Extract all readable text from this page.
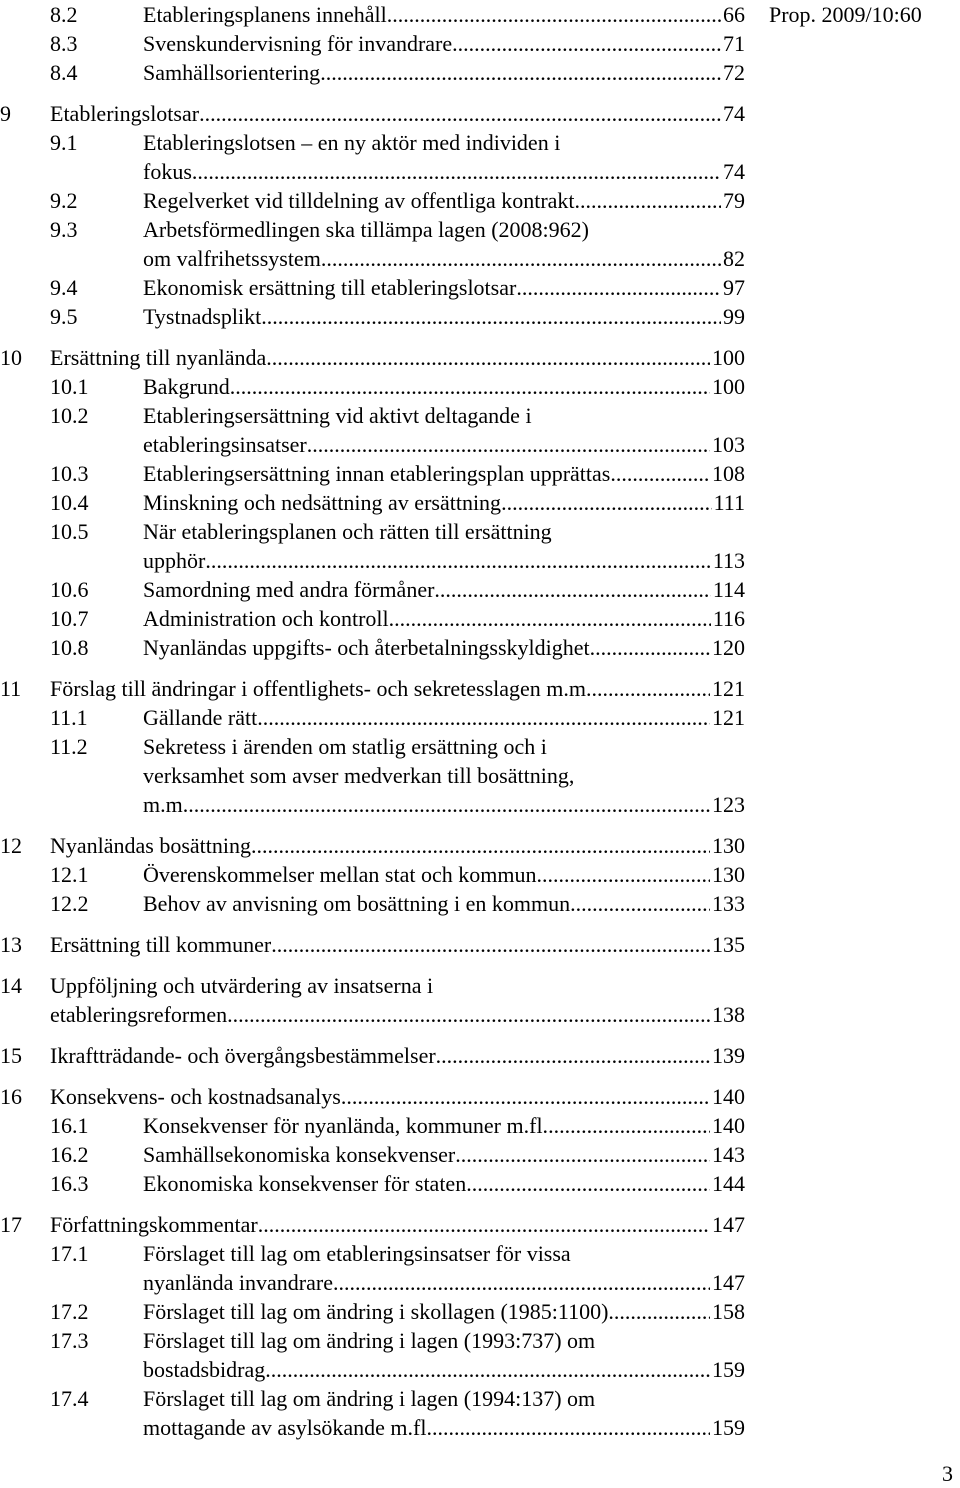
Prop. 2009/10:60
8.2	Etableringsplanens innehåll .....	66
8.3	Svenskundervisning för invandrare .....	71
8.4	Samhällsorientering .....	72
9 Etableringslotsar .....	74
9.1	Etableringslotsen – en ny aktör med individen i
fokus .....	74
9.2	Regelverket vid tilldelning av offentliga kontrakt .....	79
9.3	Arbetsförmedlingen ska tillämpa lagen (2008:962)
om valfrihetssystem .....	82
9.4	Ekonomisk ersättning till etableringslotsar .....	97
9.5	Tystnadsplikt .....	99
10 Ersättning till nyanlända .....	100
10.1 Bakgrund .....	100
10.2 Etableringsersättning vid aktivt deltagande i
etableringsinsatser .....	103
10.3 Etableringsersättning innan etableringsplan upprättas .....	108
10.4 Minskning och nedsättning av ersättning .....	111
10.5 När etableringsplanen och rätten till ersättning
upphör .....	113
10.6 Samordning med andra förmåner .....	114
10.7 Administration och kontroll .....	116
10.8 Nyanländas uppgifts- och återbetalningsskyldighet .....	120
11 Förslag till ändringar i offentlighets- och sekretesslagen m.m. .....	121
11.1	Gällande rätt .....	121
11.2	Sekretess i ärenden om statlig ersättning och i
verksamhet som avser medverkan till bosättning,
m.m. .....	123
12 Nyanländas bosättning .....	130
12.1 Överenskommelser mellan stat och kommun .....	130
12.2 Behov av anvisning om bosättning i en kommun .....	133
13 Ersättning till kommuner .....	135
14 Uppföljning och utvärdering av insatserna i
etableringsreformen .....	138
15 Ikraftträdande- och övergångsbestämmelser .....	139
16 Konsekvens- och kostnadsanalys .....	140
16.1 Konsekvenser för nyanlända, kommuner m.fl. .....	140
16.2 Samhällsekonomiska konsekvenser .....	143
16.3 Ekonomiska konsekvenser för staten .....	144
17 Författningskommentar .....	147
17.1 Förslaget till lag om etableringsinsatser för vissa
nyanlända invandrare .....	147
17.2 Förslaget till lag om ändring i skollagen (1985:1100) .....	158
17.3 Förslaget till lag om ändring i lagen (1993:737) om
bostadsbidrag .....	159
17.4 Förslaget till lag om ändring i lagen (1994:137) om
mottagande av asylsökande m.fl. .....	159
3
